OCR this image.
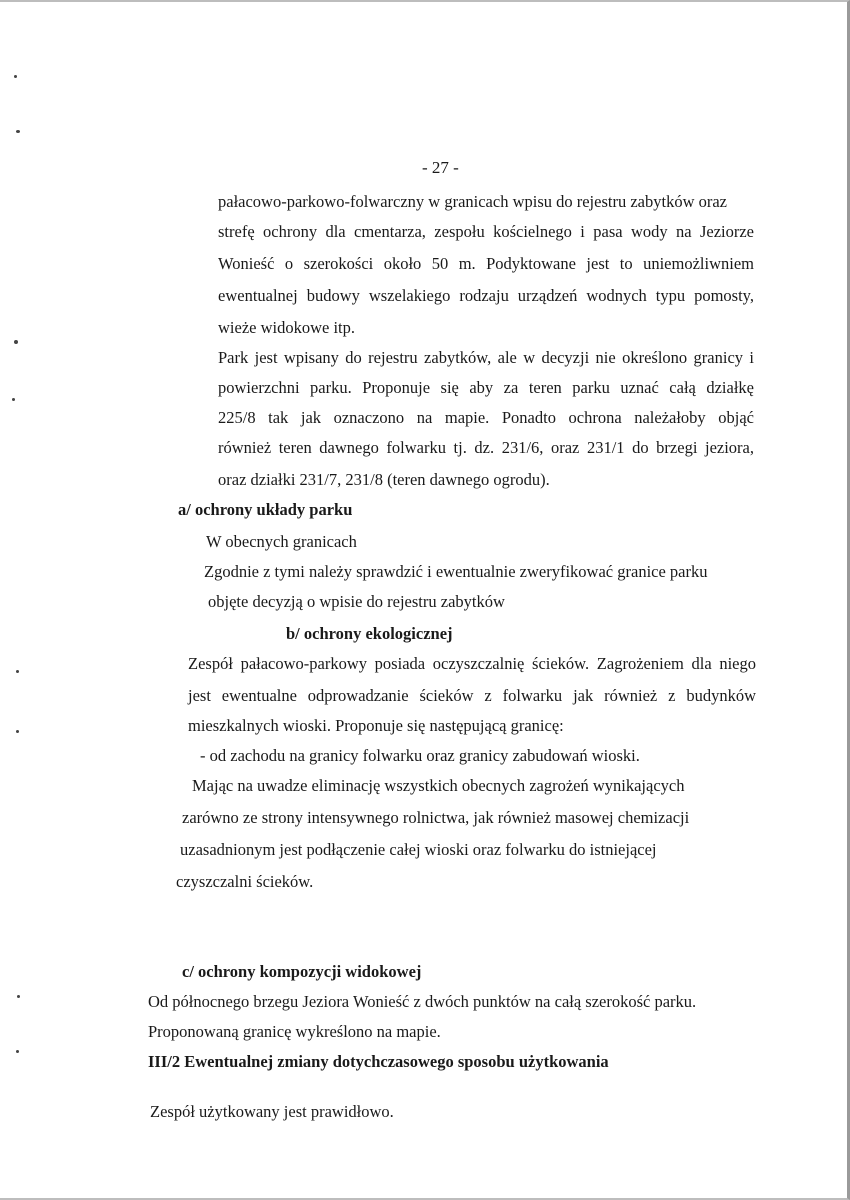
- 27 -
pałacowo-parkowo-folwarczny w granicach wpisu do rejestru zabytków oraz
strefę ochrony dla cmentarza, zespołu kościelnego i pasa wody na Jeziorze
Wonieść o szerokości około 50 m. Podyktowane jest to uniemożliwniem
ewentualnej budowy wszelakiego rodzaju urządzeń wodnych typu pomosty,
wieże widokowe itp.
Park jest wpisany do rejestru zabytków, ale w decyzji nie określono granicy i
powierzchni parku. Proponuje się aby za teren parku uznać całą działkę
225/8 tak jak oznaczono na mapie. Ponadto ochrona należałoby objąć
również teren dawnego folwarku tj. dz. 231/6, oraz 231/1 do brzegi jeziora,
oraz działki 231/7, 231/8 (teren dawnego ogrodu).
a/ ochrony układy parku
W obecnych granicach
Zgodnie z tymi należy sprawdzić i ewentualnie zweryfikować granice parku
objęte decyzją o wpisie do rejestru zabytków
b/ ochrony ekologicznej
Zespół pałacowo-parkowy posiada oczyszczalnię ścieków. Zagrożeniem dla niego
jest ewentualne odprowadzanie ścieków z folwarku jak również z budynków
mieszkalnych wioski. Proponuje się następującą granicę:
- od zachodu na granicy folwarku oraz granicy zabudowań wioski.
Mając na uwadze eliminację wszystkich obecnych zagrożeń wynikających
zarówno ze strony intensywnego rolnictwa, jak również masowej chemizacji
uzasadnionym jest podłączenie całej wioski oraz folwarku do istniejącej
czyszczalni ścieków.
c/ ochrony kompozycji widokowej
Od północnego brzegu Jeziora Wonieść z dwóch punktów na całą szerokość parku.
Proponowaną granicę wykreślono na mapie.
III/2 Ewentualnej zmiany dotychczasowego sposobu użytkowania
Zespół użytkowany jest prawidłowo.
